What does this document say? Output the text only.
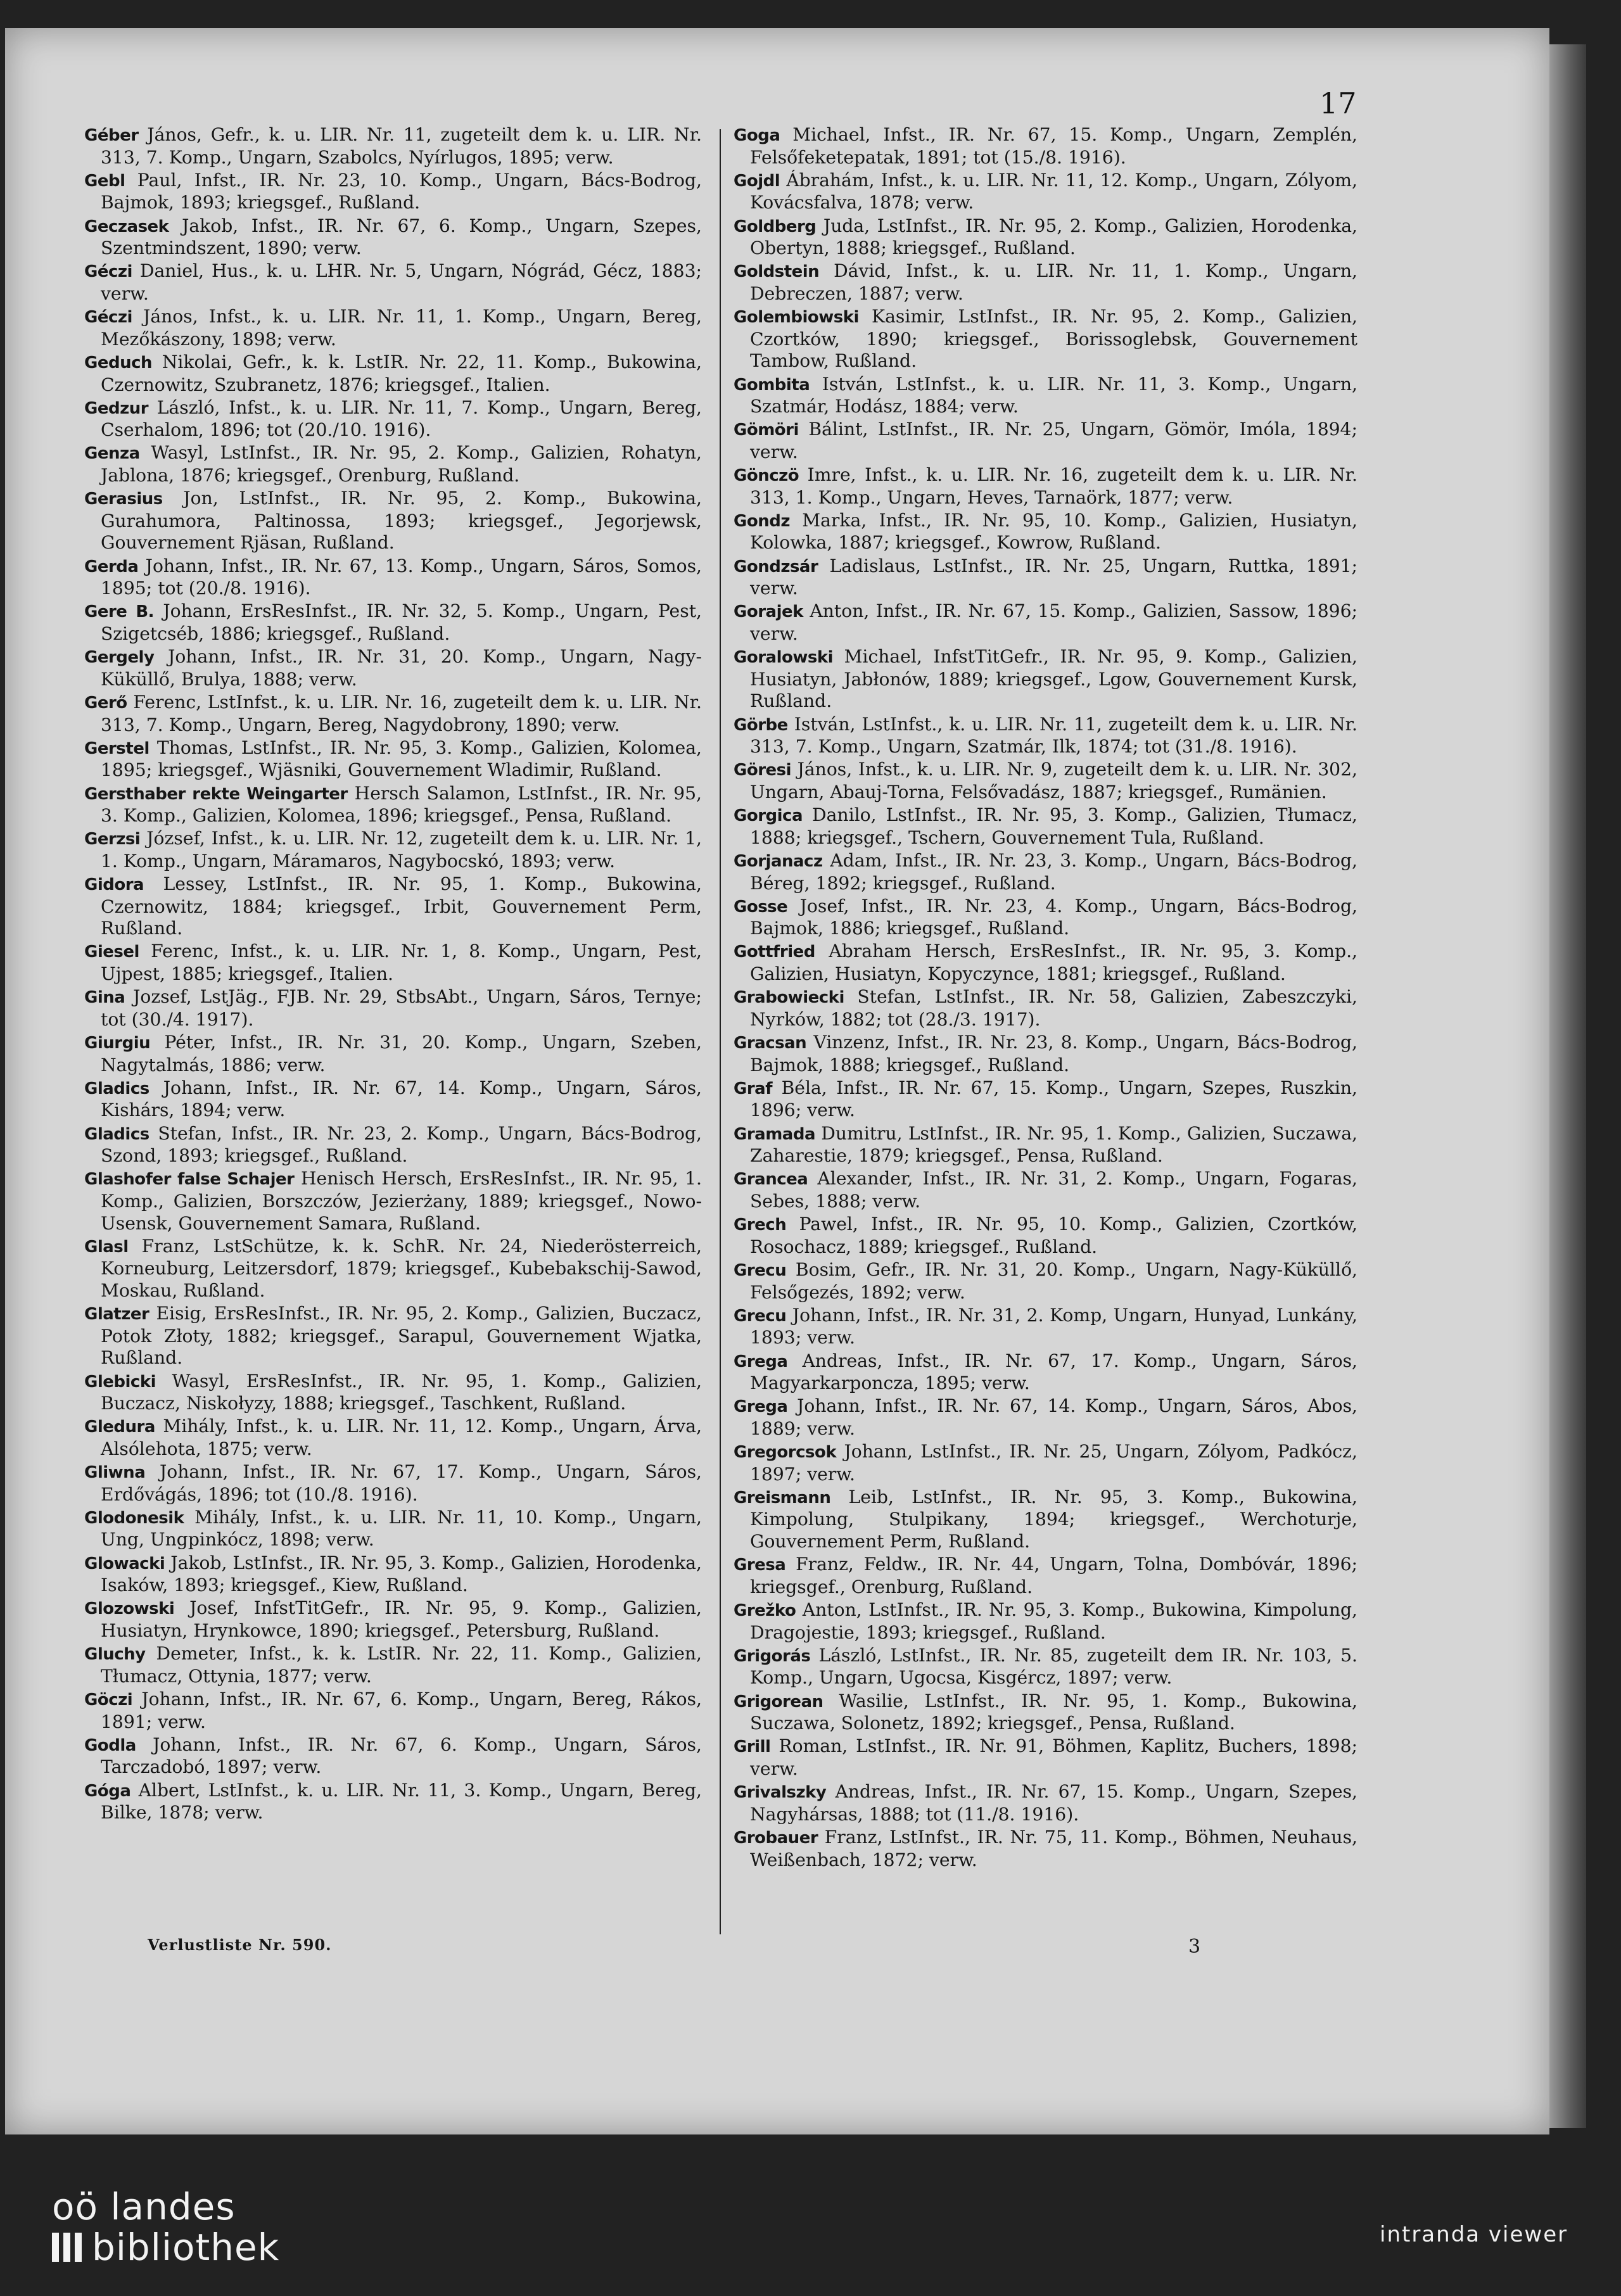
17

Géber János, Gefr., k. u. LIR. Nr. 11, zugeteilt dem k. u. LIR. Nr. 313, 7. Komp., Ungarn, Szabolcs, Nyírlugos, 1895; verw.

Gebl Paul, Infst., IR. Nr. 23, 10. Komp., Ungarn, Bács-Bodrog, Bajmok, 1893; kriegsgef., Rußland.

Geczasek Jakob, Infst., IR. Nr. 67, 6. Komp., Ungarn, Szepes, Szentmindszent, 1890; verw.

Géczi Daniel, Hus., k. u. LHR. Nr. 5, Ungarn, Nógrád, Gécz, 1883; verw.

Géczi János, Infst., k. u. LIR. Nr. 11, 1. Komp., Ungarn, Bereg, Mezőkászony, 1898; verw.

Geduch Nikolai, Gefr., k. k. LstIR. Nr. 22, 11. Komp., Bukowina, Czernowitz, Szubranetz, 1876; kriegsgef., Italien.

Gedzur László, Infst., k. u. LIR. Nr. 11, 7. Komp., Ungarn, Bereg, Cserhalom, 1896; tot (20./10. 1916).

Genza Wasyl, LstInfst., IR. Nr. 95, 2. Komp., Galizien, Rohatyn, Jablona, 1876; kriegsgef., Orenburg, Rußland.

Gerasius Jon, LstInfst., IR. Nr. 95, 2. Komp., Bukowina, Gurahumora, Paltinossa, 1893; kriegsgef., Jegorjewsk, Gouvernement Rjäsan, Rußland.

Gerda Johann, Infst., IR. Nr. 67, 13. Komp., Ungarn, Sáros, Somos, 1895; tot (20./8. 1916).

Gere B. Johann, ErsResInfst., IR. Nr. 32, 5. Komp., Ungarn, Pest, Szigetcséb, 1886; kriegsgef., Rußland.

Gergely Johann, Infst., IR. Nr. 31, 20. Komp., Ungarn, Nagy-Küküllő, Brulya, 1888; verw.

Gerő Ferenc, LstInfst., k. u. LIR. Nr. 16, zugeteilt dem k. u. LIR. Nr. 313, 7. Komp., Ungarn, Bereg, Nagydobrony, 1890; verw.

Gerstel Thomas, LstInfst., IR. Nr. 95, 3. Komp., Galizien, Kolomea, 1895; kriegsgef., Wjäsniki, Gouvernement Wladimir, Rußland.

Gersthaber rekte Weingarter Hersch Salamon, LstInfst., IR. Nr. 95, 3. Komp., Galizien, Kolomea, 1896; kriegsgef., Pensa, Rußland.

Gerzsi József, Infst., k. u. LIR. Nr. 12, zugeteilt dem k. u. LIR. Nr. 1, 1. Komp., Ungarn, Máramaros, Nagybocskó, 1893; verw.

Gidora Lessey, LstInfst., IR. Nr. 95, 1. Komp., Bukowina, Czernowitz, 1884; kriegsgef., Irbit, Gouvernement Perm, Rußland.

Giesel Ferenc, Infst., k. u. LIR. Nr. 1, 8. Komp., Ungarn, Pest, Ujpest, 1885; kriegsgef., Italien.

Gina Jozsef, LstJäg., FJB. Nr. 29, StbsAbt., Ungarn, Sáros, Ternye; tot (30./4. 1917).

Giurgiu Péter, Infst., IR. Nr. 31, 20. Komp., Ungarn, Szeben, Nagytalmás, 1886; verw.

Gladics Johann, Infst., IR. Nr. 67, 14. Komp., Ungarn, Sáros, Kishárs, 1894; verw.

Gladics Stefan, Infst., IR. Nr. 23, 2. Komp., Ungarn, Bács-Bodrog, Szond, 1893; kriegsgef., Rußland.

Glashofer false Schajer Henisch Hersch, ErsResInfst., IR. Nr. 95, 1. Komp., Galizien, Borszczów, Jezierżany, 1889; kriegsgef., Nowo-Usensk, Gouvernement Samara, Rußland.

Glasl Franz, LstSchütze, k. k. SchR. Nr. 24, Niederösterreich, Korneuburg, Leitzersdorf, 1879; kriegsgef., Kubebakschij-Sawod, Moskau, Rußland.

Glatzer Eisig, ErsResInfst., IR. Nr. 95, 2. Komp., Galizien, Buczacz, Potok Złoty, 1882; kriegsgef., Sarapul, Gouvernement Wjatka, Rußland.

Glebicki Wasyl, ErsResInfst., IR. Nr. 95, 1. Komp., Galizien, Buczacz, Niskołyzy, 1888; kriegsgef., Taschkent, Rußland.

Gledura Mihály, Infst., k. u. LIR. Nr. 11, 12. Komp., Ungarn, Árva, Alsólehota, 1875; verw.

Gliwna Johann, Infst., IR. Nr. 67, 17. Komp., Ungarn, Sáros, Erdővágás, 1896; tot (10./8. 1916).

Glodonesik Mihály, Infst., k. u. LIR. Nr. 11, 10. Komp., Ungarn, Ung, Ungpinkócz, 1898; verw.

Glowacki Jakob, LstInfst., IR. Nr. 95, 3. Komp., Galizien, Horodenka, Isaków, 1893; kriegsgef., Kiew, Rußland.

Glozowski Josef, InfstTitGefr., IR. Nr. 95, 9. Komp., Galizien, Husiatyn, Hrynkowce, 1890; kriegsgef., Petersburg, Rußland.

Gluchy Demeter, Infst., k. k. LstIR. Nr. 22, 11. Komp., Galizien, Tłumacz, Ottynia, 1877; verw.

Göczi Johann, Infst., IR. Nr. 67, 6. Komp., Ungarn, Bereg, Rákos, 1891; verw.

Godla Johann, Infst., IR. Nr. 67, 6. Komp., Ungarn, Sáros, Tarczadobó, 1897; verw.

Góga Albert, LstInfst., k. u. LIR. Nr. 11, 3. Komp., Ungarn, Bereg, Bilke, 1878; verw.

Goga Michael, Infst., IR. Nr. 67, 15. Komp., Ungarn, Zemplén, Felsőfeketepatak, 1891; tot (15./8. 1916).

Gojdl Ábrahám, Infst., k. u. LIR. Nr. 11, 12. Komp., Ungarn, Zólyom, Kovácsfalva, 1878; verw.

Goldberg Juda, LstInfst., IR. Nr. 95, 2. Komp., Galizien, Horodenka, Obertyn, 1888; kriegsgef., Rußland.

Goldstein Dávid, Infst., k. u. LIR. Nr. 11, 1. Komp., Ungarn, Debreczen, 1887; verw.

Golembiowski Kasimir, LstInfst., IR. Nr. 95, 2. Komp., Galizien, Czortków, 1890; kriegsgef., Borissoglebsk, Gouvernement Tambow, Rußland.

Gombita István, LstInfst., k. u. LIR. Nr. 11, 3. Komp., Ungarn, Szatmár, Hodász, 1884; verw.

Gömöri Bálint, LstInfst., IR. Nr. 25, Ungarn, Gömör, Imóla, 1894; verw.

Gönczö Imre, Infst., k. u. LIR. Nr. 16, zugeteilt dem k. u. LIR. Nr. 313, 1. Komp., Ungarn, Heves, Tarnaörk, 1877; verw.

Gondz Marka, Infst., IR. Nr. 95, 10. Komp., Galizien, Husiatyn, Kolowka, 1887; kriegsgef., Kowrow, Rußland.

Gondzsár Ladislaus, LstInfst., IR. Nr. 25, Ungarn, Ruttka, 1891; verw.

Gorajek Anton, Infst., IR. Nr. 67, 15. Komp., Galizien, Sassow, 1896; verw.

Goralowski Michael, InfstTitGefr., IR. Nr. 95, 9. Komp., Galizien, Husiatyn, Jabłonów, 1889; kriegsgef., Lgow, Gouvernement Kursk, Rußland.

Görbe István, LstInfst., k. u. LIR. Nr. 11, zugeteilt dem k. u. LIR. Nr. 313, 7. Komp., Ungarn, Szatmár, Ilk, 1874; tot (31./8. 1916).

Göresi János, Infst., k. u. LIR. Nr. 9, zugeteilt dem k. u. LIR. Nr. 302, Ungarn, Abauj-Torna, Felsővadász, 1887; kriegsgef., Rumänien.

Gorgica Danilo, LstInfst., IR. Nr. 95, 3. Komp., Galizien, Tłumacz, 1888; kriegsgef., Tschern, Gouvernement Tula, Rußland.

Gorjanacz Adam, Infst., IR. Nr. 23, 3. Komp., Ungarn, Bács-Bodrog, Béreg, 1892; kriegsgef., Rußland.

Gosse Josef, Infst., IR. Nr. 23, 4. Komp., Ungarn, Bács-Bodrog, Bajmok, 1886; kriegsgef., Rußland.

Gottfried Abraham Hersch, ErsResInfst., IR. Nr. 95, 3. Komp., Galizien, Husiatyn, Kopyczynce, 1881; kriegsgef., Rußland.

Grabowiecki Stefan, LstInfst., IR. Nr. 58, Galizien, Zabeszczyki, Nyrków, 1882; tot (28./3. 1917).

Gracsan Vinzenz, Infst., IR. Nr. 23, 8. Komp., Ungarn, Bács-Bodrog, Bajmok, 1888; kriegsgef., Rußland.

Graf Béla, Infst., IR. Nr. 67, 15. Komp., Ungarn, Szepes, Ruszkin, 1896; verw.

Gramada Dumitru, LstInfst., IR. Nr. 95, 1. Komp., Galizien, Suczawa, Zaharestie, 1879; kriegsgef., Pensa, Rußland.

Grancea Alexander, Infst., IR. Nr. 31, 2. Komp., Ungarn, Fogaras, Sebes, 1888; verw.

Grech Pawel, Infst., IR. Nr. 95, 10. Komp., Galizien, Czortków, Rosochacz, 1889; kriegsgef., Rußland.

Grecu Bosim, Gefr., IR. Nr. 31, 20. Komp., Ungarn, Nagy-Küküllő, Felsőgezés, 1892; verw.

Grecu Johann, Infst., IR. Nr. 31, 2. Komp, Ungarn, Hunyad, Lunkány, 1893; verw.

Grega Andreas, Infst., IR. Nr. 67, 17. Komp., Ungarn, Sáros, Magyarkarponcza, 1895; verw.

Grega Johann, Infst., IR. Nr. 67, 14. Komp., Ungarn, Sáros, Abos, 1889; verw.

Gregorcsok Johann, LstInfst., IR. Nr. 25, Ungarn, Zólyom, Padkócz, 1897; verw.

Greismann Leib, LstInfst., IR. Nr. 95, 3. Komp., Bukowina, Kimpolung, Stulpikany, 1894; kriegsgef., Werchoturje, Gouvernement Perm, Rußland.

Gresa Franz, Feldw., IR. Nr. 44, Ungarn, Tolna, Dombóvár, 1896; kriegsgef., Orenburg, Rußland.

Grežko Anton, LstInfst., IR. Nr. 95, 3. Komp., Bukowina, Kimpolung, Dragojestie, 1893; kriegsgef., Rußland.

Grigorás László, LstInfst., IR. Nr. 85, zugeteilt dem IR. Nr. 103, 5. Komp., Ungarn, Ugocsa, Kisgércz, 1897; verw.

Grigorean Wasilie, LstInfst., IR. Nr. 95, 1. Komp., Bukowina, Suczawa, Solonetz, 1892; kriegsgef., Pensa, Rußland.

Grill Roman, LstInfst., IR. Nr. 91, Böhmen, Kaplitz, Buchers, 1898; verw.

Grivalszky Andreas, Infst., IR. Nr. 67, 15. Komp., Ungarn, Szepes, Nagyhársas, 1888; tot (11./8. 1916).

Grobauer Franz, LstInfst., IR. Nr. 75, 11. Komp., Böhmen, Neuhaus, Weißenbach, 1872; verw.

Verlustliste Nr. 590.	3
oö landes
bibliothek	intranda viewer
